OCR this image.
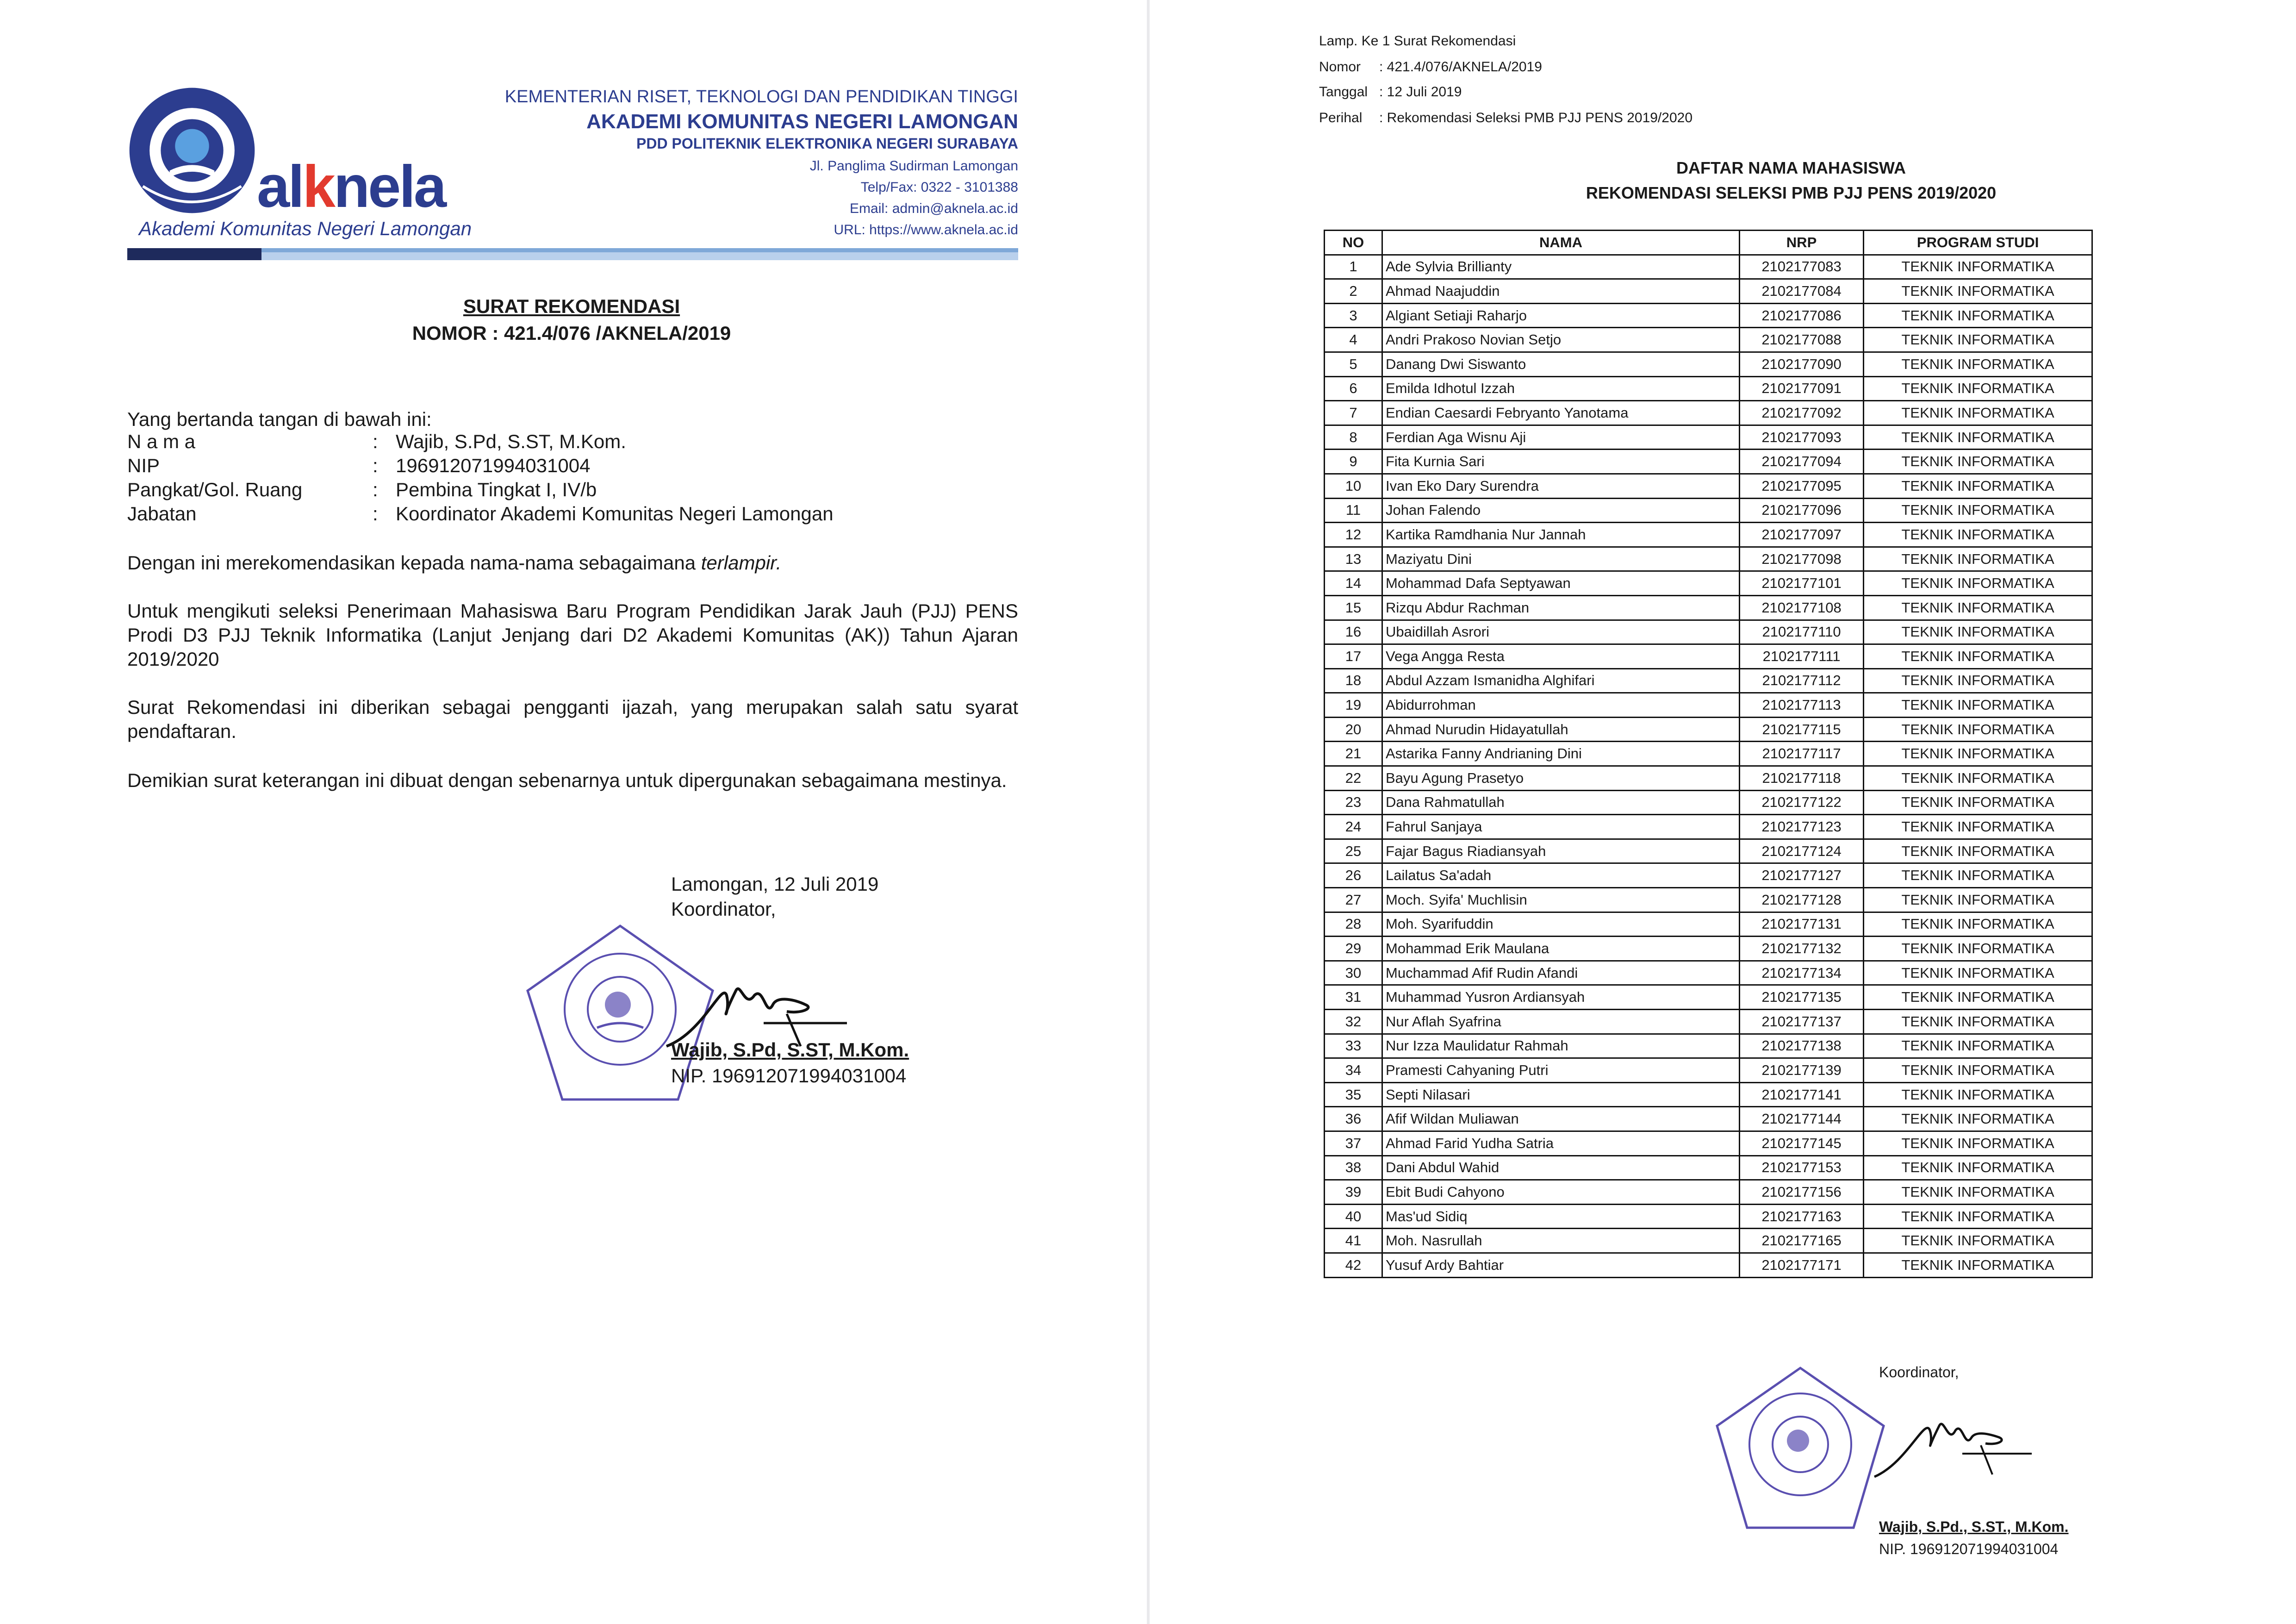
alknela
Akademi Komunitas Negeri Lamongan
KEMENTERIAN RISET, TEKNOLOGI DAN PENDIDIKAN TINGGI
AKADEMI KOMUNITAS NEGERI LAMONGAN
PDD POLITEKNIK ELEKTRONIKA NEGERI SURABAYA
Jl. Panglima Sudirman Lamongan
Telp/Fax: 0322 - 3101388
Email: admin@aknela.ac.id
URL: https://www.aknela.ac.id
SURAT REKOMENDASI
NOMOR : 421.4/076 /AKNELA/2019
Yang bertanda tangan di bawah ini:
N a m a	: Wajib, S.Pd, S.ST, M.Kom.
NIP	: 196912071994031004
Pangkat/Gol. Ruang	: Pembina Tingkat I, IV/b
Jabatan	: Koordinator Akademi Komunitas Negeri Lamongan
Dengan ini merekomendasikan kepada nama-nama sebagaimana terlampir.
Untuk mengikuti seleksi Penerimaan Mahasiswa Baru Program Pendidikan Jarak Jauh (PJJ) PENS Prodi D3 PJJ Teknik Informatika (Lanjut Jenjang dari D2 Akademi Komunitas (AK)) Tahun Ajaran 2019/2020
Surat Rekomendasi ini diberikan sebagai pengganti ijazah, yang merupakan salah satu syarat pendaftaran.
Demikian surat keterangan ini dibuat dengan sebenarnya untuk dipergunakan sebagaimana mestinya.
Lamongan, 12 Juli 2019
Koordinator,
Wajib, S.Pd, S.ST, M.Kom.
NIP. 196912071994031004
Lamp. Ke 1 Surat Rekomendasi
Nomor	: 421.4/076/AKNELA/2019
Tanggal : 12 Juli 2019
Perihal	: Rekomendasi Seleksi PMB PJJ PENS 2019/2020
DAFTAR NAMA MAHASISWA
REKOMENDASI SELEKSI PMB PJJ PENS 2019/2020
NO	NAMA	NRP	PROGRAM STUDI
1	Ade Sylvia Brillianty	2102177083	TEKNIK INFORMATIKA
2	Ahmad Naajuddin	2102177084	TEKNIK INFORMATIKA
3	Algiant Setiaji Raharjo	2102177086	TEKNIK INFORMATIKA
4	Andri Prakoso Novian Setjo	2102177088	TEKNIK INFORMATIKA
5	Danang Dwi Siswanto	2102177090	TEKNIK INFORMATIKA
6	Emilda Idhotul Izzah	2102177091	TEKNIK INFORMATIKA
7	Endian Caesardi Febryanto Yanotama	2102177092	TEKNIK INFORMATIKA
8	Ferdian Aga Wisnu Aji	2102177093	TEKNIK INFORMATIKA
9	Fita Kurnia Sari	2102177094	TEKNIK INFORMATIKA
10	Ivan Eko Dary Surendra	2102177095	TEKNIK INFORMATIKA
11	Johan Falendo	2102177096	TEKNIK INFORMATIKA
12	Kartika Ramdhania Nur Jannah	2102177097	TEKNIK INFORMATIKA
13	Maziyatu Dini	2102177098	TEKNIK INFORMATIKA
14	Mohammad Dafa Septyawan	2102177101	TEKNIK INFORMATIKA
15	Rizqu Abdur Rachman	2102177108	TEKNIK INFORMATIKA
16	Ubaidillah Asrori	2102177110	TEKNIK INFORMATIKA
17	Vega Angga Resta	2102177111	TEKNIK INFORMATIKA
18	Abdul Azzam Ismanidha Alghifari	2102177112	TEKNIK INFORMATIKA
19	Abidurrohman	2102177113	TEKNIK INFORMATIKA
20	Ahmad Nurudin Hidayatullah	2102177115	TEKNIK INFORMATIKA
21	Astarika Fanny Andrianing Dini	2102177117	TEKNIK INFORMATIKA
22	Bayu Agung Prasetyo	2102177118	TEKNIK INFORMATIKA
23	Dana Rahmatullah	2102177122	TEKNIK INFORMATIKA
24	Fahrul Sanjaya	2102177123	TEKNIK INFORMATIKA
25	Fajar Bagus Riadiansyah	2102177124	TEKNIK INFORMATIKA
26	Lailatus Sa'adah	2102177127	TEKNIK INFORMATIKA
27	Moch. Syifa' Muchlisin	2102177128	TEKNIK INFORMATIKA
28	Moh. Syarifuddin	2102177131	TEKNIK INFORMATIKA
29	Mohammad Erik Maulana	2102177132	TEKNIK INFORMATIKA
30	Muchammad Afif Rudin Afandi	2102177134	TEKNIK INFORMATIKA
31	Muhammad Yusron Ardiansyah	2102177135	TEKNIK INFORMATIKA
32	Nur Aflah Syafrina	2102177137	TEKNIK INFORMATIKA
33	Nur Izza Maulidatur Rahmah	2102177138	TEKNIK INFORMATIKA
34	Pramesti Cahyaning Putri	2102177139	TEKNIK INFORMATIKA
35	Septi Nilasari	2102177141	TEKNIK INFORMATIKA
36	Afif Wildan Muliawan	2102177144	TEKNIK INFORMATIKA
37	Ahmad Farid Yudha Satria	2102177145	TEKNIK INFORMATIKA
38	Dani Abdul Wahid	2102177153	TEKNIK INFORMATIKA
39	Ebit Budi Cahyono	2102177156	TEKNIK INFORMATIKA
40	Mas'ud Sidiq	2102177163	TEKNIK INFORMATIKA
41	Moh. Nasrullah	2102177165	TEKNIK INFORMATIKA
42	Yusuf Ardy Bahtiar	2102177171	TEKNIK INFORMATIKA
Koordinator,
Wajib, S.Pd., S.ST., M.Kom.
NIP. 196912071994031004
